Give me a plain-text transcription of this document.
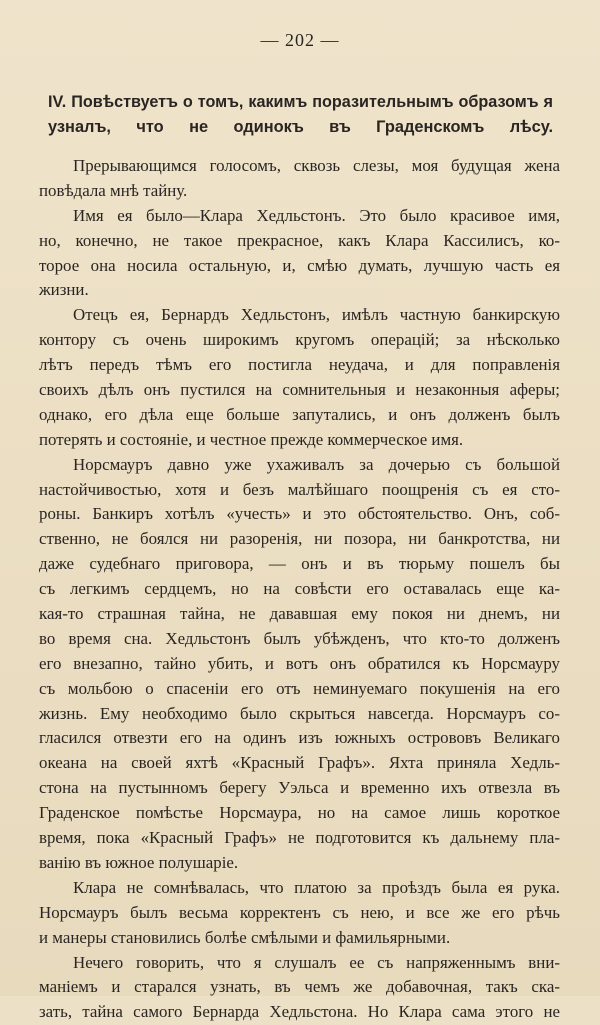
— 202 —
IV. Повѣствуетъ о томъ, какимъ поразительнымъ образомъ я
узналъ, что не одинокъ въ Граденскомъ лѣсу.
Прерывающимся голосомъ, сквозь слезы, моя будущая жена
повѣдала мнѣ тайну.
Имя ея было—Клара Хедльстонъ. Это было красивое имя,
но, конечно, не такое прекрасное, какъ Клара Кассилисъ, ко-
торое она носила остальную, и, смѣю думать, лучшую часть ея
жизни.
Отецъ ея, Бернардъ Хедльстонъ, имѣлъ частную банкирскую
контору съ очень широкимъ кругомъ операцій; за нѣсколько
лѣтъ передъ тѣмъ его постигла неудача, и для поправленія
своихъ дѣлъ онъ пустился на сомнительныя и незаконныя аферы;
однако, его дѣла еще больше запутались, и онъ долженъ былъ
потерять и состояніе, и честное прежде коммерческое имя.
Норсмауръ давно уже ухаживалъ за дочерью съ большой
настойчивостью, хотя и безъ малѣйшаго поощренія съ ея сто-
роны. Банкиръ хотѣлъ «учесть» и это обстоятельство. Онъ, соб-
ственно, не боялся ни разоренія, ни позора, ни банкротства, ни
даже судебнаго приговора, — онъ и въ тюрьму пошелъ бы
съ легкимъ сердцемъ, но на совѣсти его оставалась еще ка-
кая-то страшная тайна, не дававшая ему покоя ни днемъ, ни
во время сна. Хедльстонъ былъ убѣжденъ, что кто-то долженъ
его внезапно, тайно убить, и вотъ онъ обратился къ Норсмауру
съ мольбою о спасеніи его отъ неминуемаго покушенія на его
жизнь. Ему необходимо было скрыться навсегда. Норсмауръ со-
гласился отвезти его на одинъ изъ южныхъ острововъ Великаго
океана на своей яхтѣ «Красный Графъ». Яхта приняла Хедль-
стона на пустынномъ берегу Уэльса и временно ихъ отвезла въ
Граденское помѣстье Норсмаура, но на самое лишь короткое
время, пока «Красный Графъ» не подготовится къ дальнему пла-
ванію въ южное полушаріе.
Клара не сомнѣвалась, что платою за проѣздъ была ея рука.
Норсмауръ былъ весьма корректенъ съ нею, и все же его рѣчь
и манеры становились болѣе смѣлыми и фамильярными.
Нечего говорить, что я слушалъ ее съ напряженнымъ вни-
маніемъ и старался узнать, въ чемъ же добавочная, такъ ска-
зать, тайна самого Бернарда Хедльстона. Но Клара сама этого не
